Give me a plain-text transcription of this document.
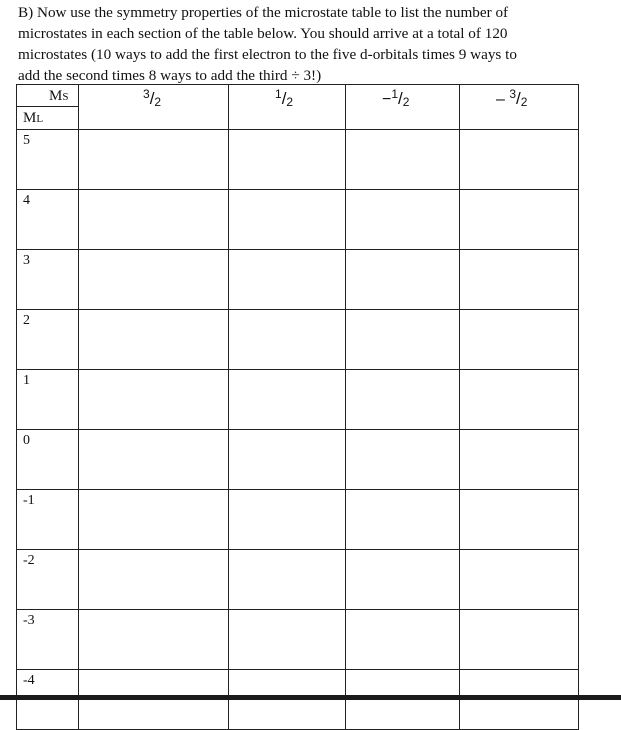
B) Now use the symmetry properties of the microstate table to list the number of
microstates in each section of the table below. You should arrive at a total of 120
microstates (10 ways to add the first electron to the five d-orbitals times 9 ways to
add the second times 8 ways to add the third ÷ 3!)
MS
ML	$^3/_2$	$^1/_2$	$-^1/_2$	– $^3/_2$

5				

4				

3				

2				

1				

0				

-1				

-2				

-3				

-4				
